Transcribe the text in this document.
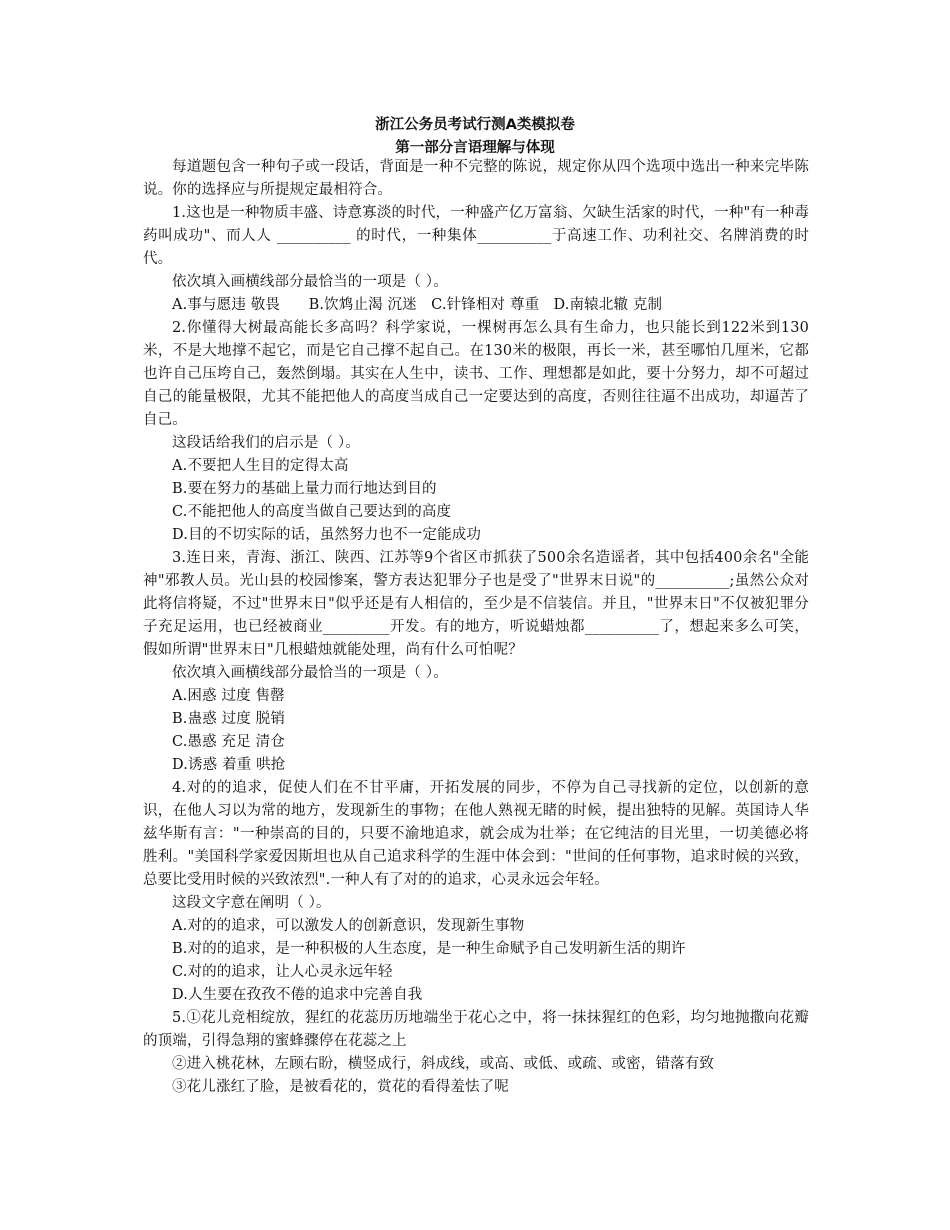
浙江公务员考试行测A类模拟卷
第一部分言语理解与体现

每道题包含一种句子或一段话，背面是一种不完整的陈说，规定你从四个选项中选出一种来完毕陈说。你的选择应与所提规定最相符合。

1.这也是一种物质丰盛、诗意寡淡的时代，一种盛产亿万富翁、欠缺生活家的时代，一种"有一种毒药叫成功"、而人人 __________ 的时代，一种集体__________于高速工作、功利社交、名牌消费的时代。

依次填入画横线部分最恰当的一项是（ ）。

A.事与愿违 敬畏      B.饮鸩止渴 沉迷   C.针锋相对 尊重   D.南辕北辙 克制

2.你懂得大树最高能长多高吗？科学家说，一棵树再怎么具有生命力，也只能长到122米到130米，不是大地撑不起它，而是它自己撑不起自己。在130米的极限，再长一米，甚至哪怕几厘米，它都也许自己压垮自己，轰然倒塌。其实在人生中，读书、工作、理想都是如此，要十分努力，却不可超过自己的能量极限，尤其不能把他人的高度当成自己一定要达到的高度，否则往往逼不出成功，却逼苦了自己。

这段话给我们的启示是（ ）。

A.不要把人生目的定得太高

B.要在努力的基础上量力而行地达到目的

C.不能把他人的高度当做自己要达到的高度

D.目的不切实际的话，虽然努力也不一定能成功

3.连日来，青海、浙江、陕西、江苏等9个省区市抓获了500余名造谣者，其中包括400余名"全能神"邪教人员。光山县的校园惨案，警方表达犯罪分子也是受了"世界末日说"的__________;虽然公众对此将信将疑，不过"世界末日"似乎还是有人相信的，至少是不信装信。并且，"世界末日"不仅被犯罪分子充足运用，也已经被商业_________开发。有的地方，听说蜡烛都__________了，想起来多么可笑，假如所谓"世界末日"几根蜡烛就能处理，尚有什么可怕呢？

依次填入画横线部分最恰当的一项是（ ）。

A.困惑 过度 售罄

B.蛊惑 过度 脱销

C.愚惑 充足 清仓

D.诱惑 着重 哄抢

4.对的的追求，促使人们在不甘平庸，开拓发展的同步，不停为自己寻找新的定位，以创新的意识，在他人习以为常的地方，发现新生的事物；在他人熟视无睹的时候，提出独特的见解。英国诗人华兹华斯有言："一种崇高的目的，只要不渝地追求，就会成为壮举；在它纯洁的目光里，一切美德必将胜利。"美国科学家爱因斯坦也从自己追求科学的生涯中体会到："世间的任何事物，追求时候的兴致，总要比受用时候的兴致浓烈".一种人有了对的的追求，心灵永远会年轻。

这段文字意在阐明（ ）。

A.对的的追求，可以激发人的创新意识，发现新生事物

B.对的的追求，是一种积极的人生态度，是一种生命赋予自己发明新生活的期许

C.对的的追求，让人心灵永远年轻

D.人生要在孜孜不倦的追求中完善自我

5.①花儿竞相绽放，猩红的花蕊历历地端坐于花心之中，将一抹抹猩红的色彩，均匀地抛撒向花瓣的顶端，引得急翔的蜜蜂骤停在花蕊之上

②进入桃花林，左顾右盼，横竖成行，斜成线，或高、或低、或疏、或密，错落有致

③花儿涨红了脸，是被看花的，赏花的看得羞怯了呢
